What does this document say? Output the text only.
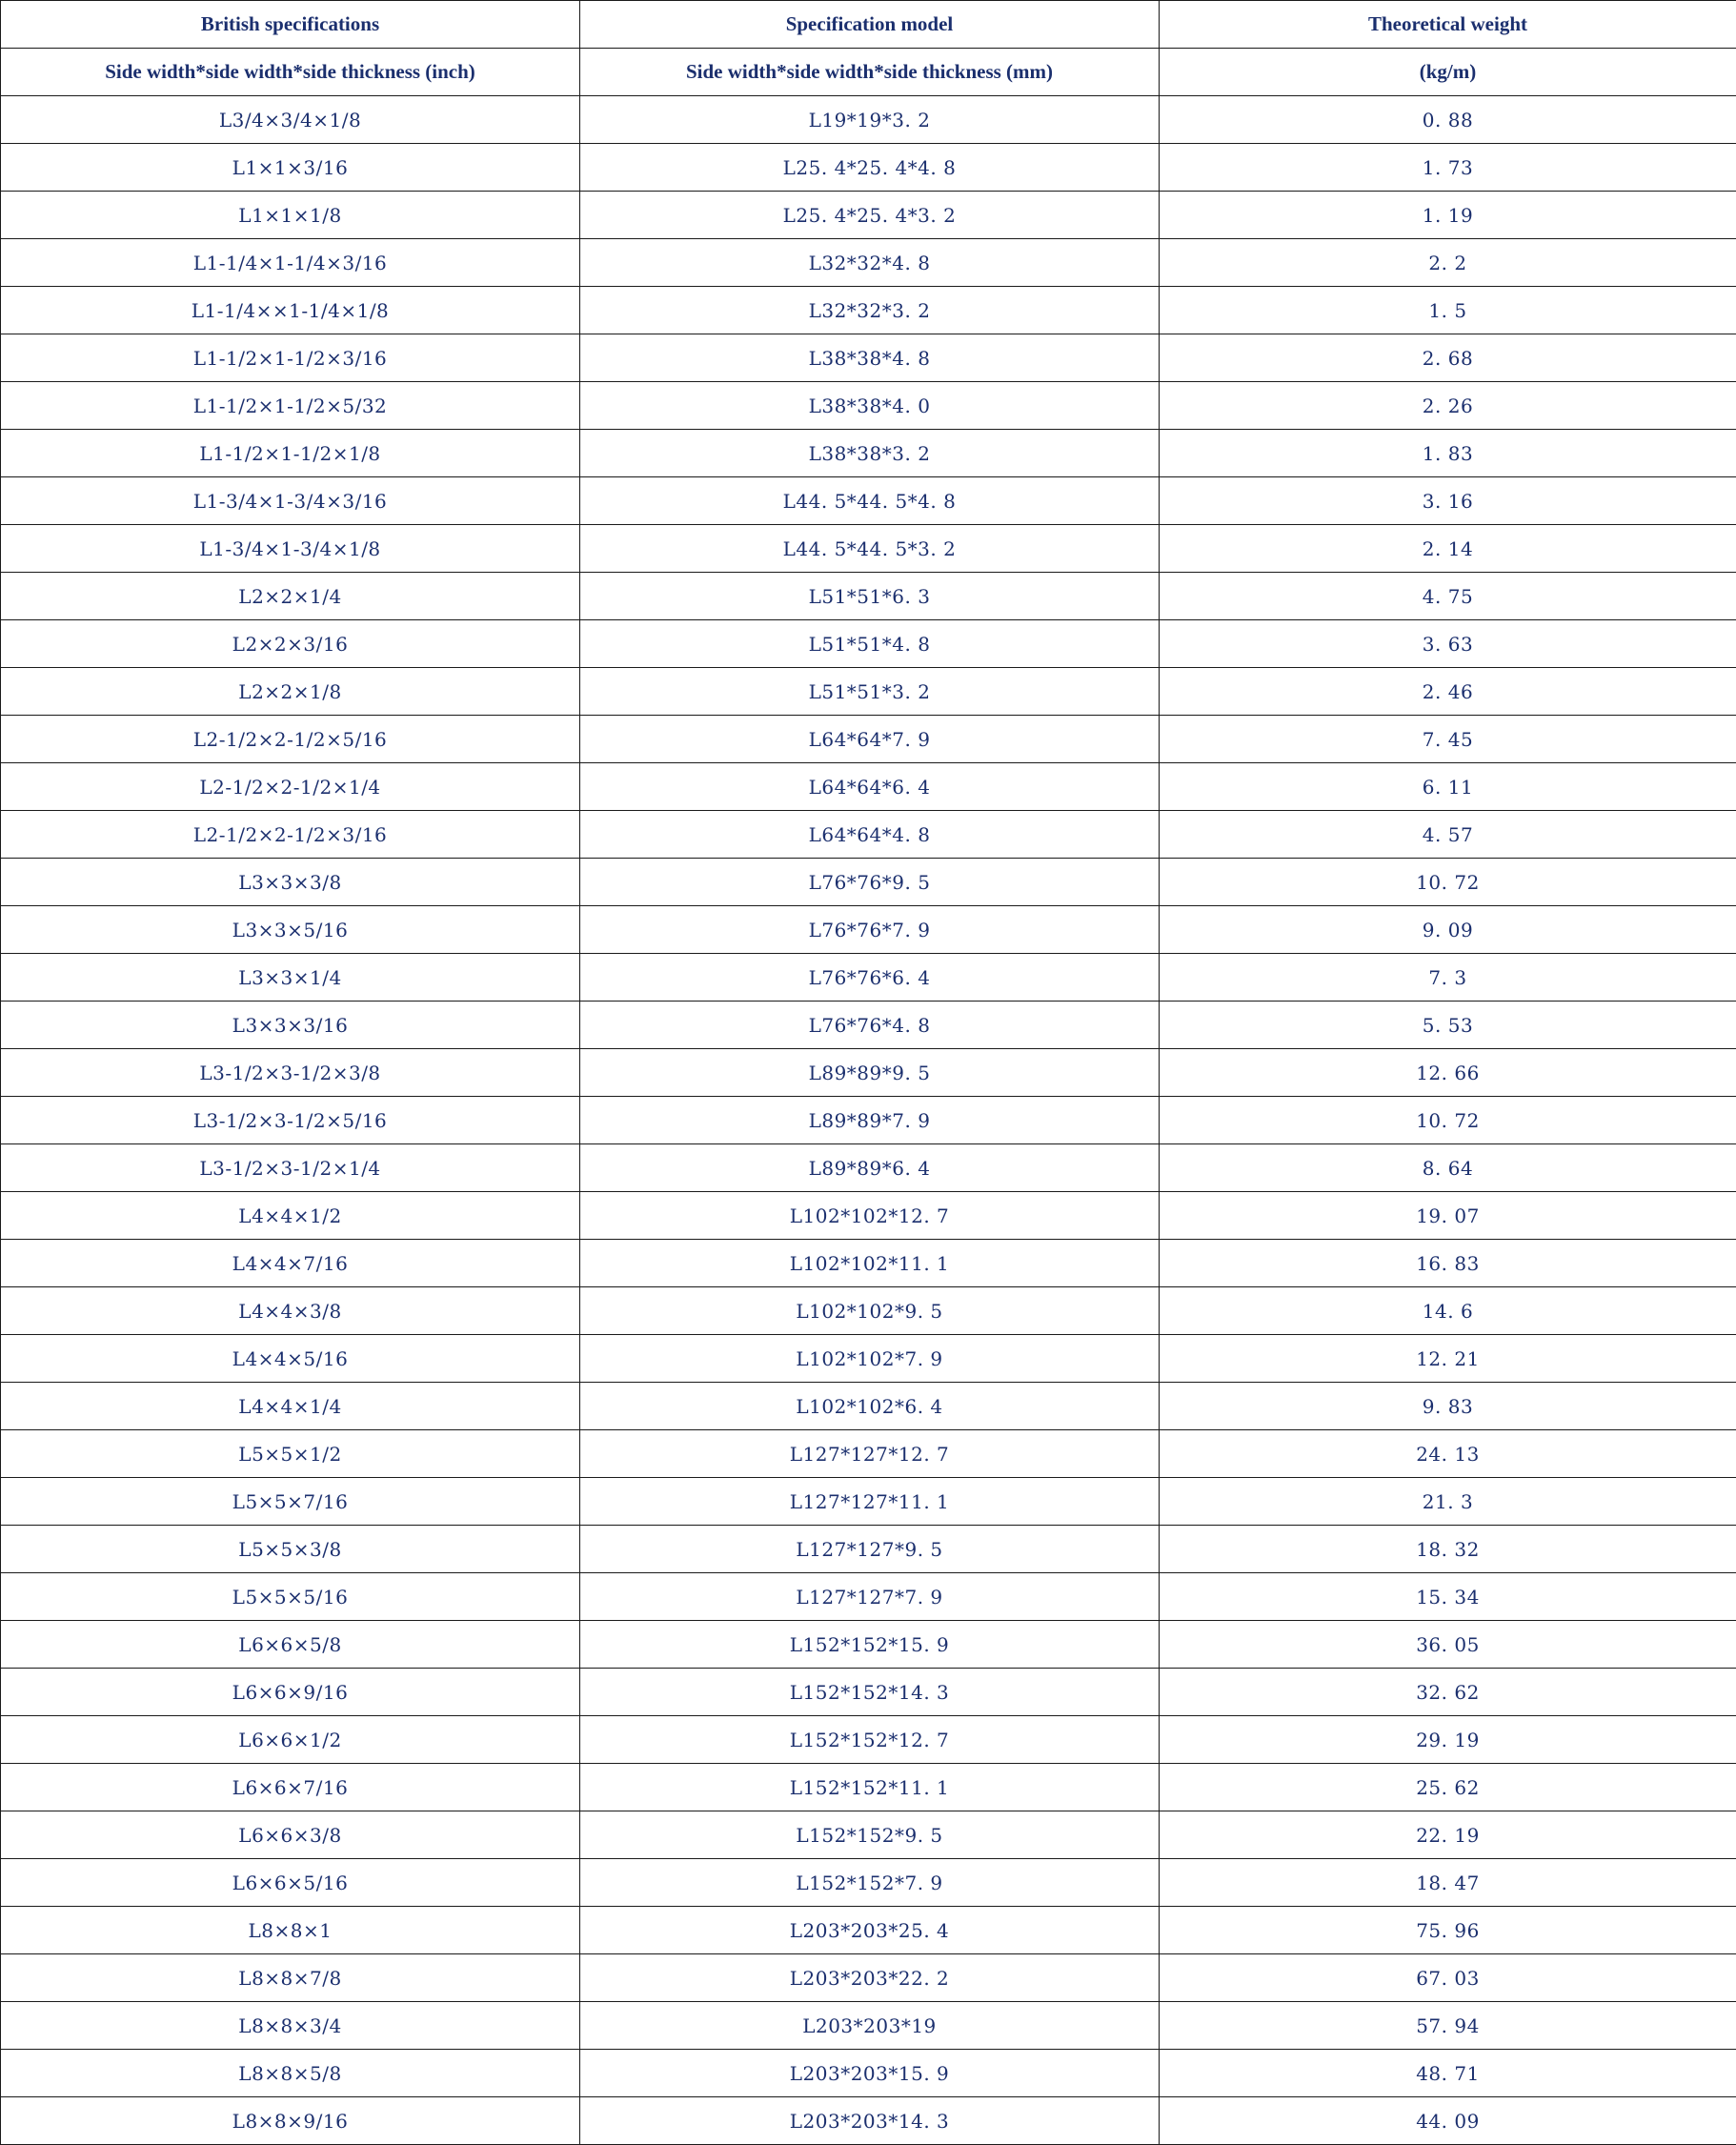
British specifications	Specification model	Theoretical weight
Side width*side width*side thickness (inch)	Side width*side width*side thickness (mm)	(kg/m)
L3/4×3/4×1/8	L19*19*3. 2	0. 88
L1×1×3/16	L25. 4*25. 4*4. 8	1. 73
L1×1×1/8	L25. 4*25. 4*3. 2	1. 19
L1-1/4×1-1/4×3/16	L32*32*4. 8	2. 2
L1-1/4××1-1/4×1/8	L32*32*3. 2	1. 5
L1-1/2×1-1/2×3/16	L38*38*4. 8	2. 68
L1-1/2×1-1/2×5/32	L38*38*4. 0	2. 26
L1-1/2×1-1/2×1/8	L38*38*3. 2	1. 83
L1-3/4×1-3/4×3/16	L44. 5*44. 5*4. 8	3. 16
L1-3/4×1-3/4×1/8	L44. 5*44. 5*3. 2	2. 14
L2×2×1/4	L51*51*6. 3	4. 75
L2×2×3/16	L51*51*4. 8	3. 63
L2×2×1/8	L51*51*3. 2	2. 46
L2-1/2×2-1/2×5/16	L64*64*7. 9	7. 45
L2-1/2×2-1/2×1/4	L64*64*6. 4	6. 11
L2-1/2×2-1/2×3/16	L64*64*4. 8	4. 57
L3×3×3/8	L76*76*9. 5	10. 72
L3×3×5/16	L76*76*7. 9	9. 09
L3×3×1/4	L76*76*6. 4	7. 3
L3×3×3/16	L76*76*4. 8	5. 53
L3-1/2×3-1/2×3/8	L89*89*9. 5	12. 66
L3-1/2×3-1/2×5/16	L89*89*7. 9	10. 72
L3-1/2×3-1/2×1/4	L89*89*6. 4	8. 64
L4×4×1/2	L102*102*12. 7	19. 07
L4×4×7/16	L102*102*11. 1	16. 83
L4×4×3/8	L102*102*9. 5	14. 6
L4×4×5/16	L102*102*7. 9	12. 21
L4×4×1/4	L102*102*6. 4	9. 83
L5×5×1/2	L127*127*12. 7	24. 13
L5×5×7/16	L127*127*11. 1	21. 3
L5×5×3/8	L127*127*9. 5	18. 32
L5×5×5/16	L127*127*7. 9	15. 34
L6×6×5/8	L152*152*15. 9	36. 05
L6×6×9/16	L152*152*14. 3	32. 62
L6×6×1/2	L152*152*12. 7	29. 19
L6×6×7/16	L152*152*11. 1	25. 62
L6×6×3/8	L152*152*9. 5	22. 19
L6×6×5/16	L152*152*7. 9	18. 47
L8×8×1	L203*203*25. 4	75. 96
L8×8×7/8	L203*203*22. 2	67. 03
L8×8×3/4	L203*203*19	57. 94
L8×8×5/8	L203*203*15. 9	48. 71
L8×8×9/16	L203*203*14. 3	44. 09
